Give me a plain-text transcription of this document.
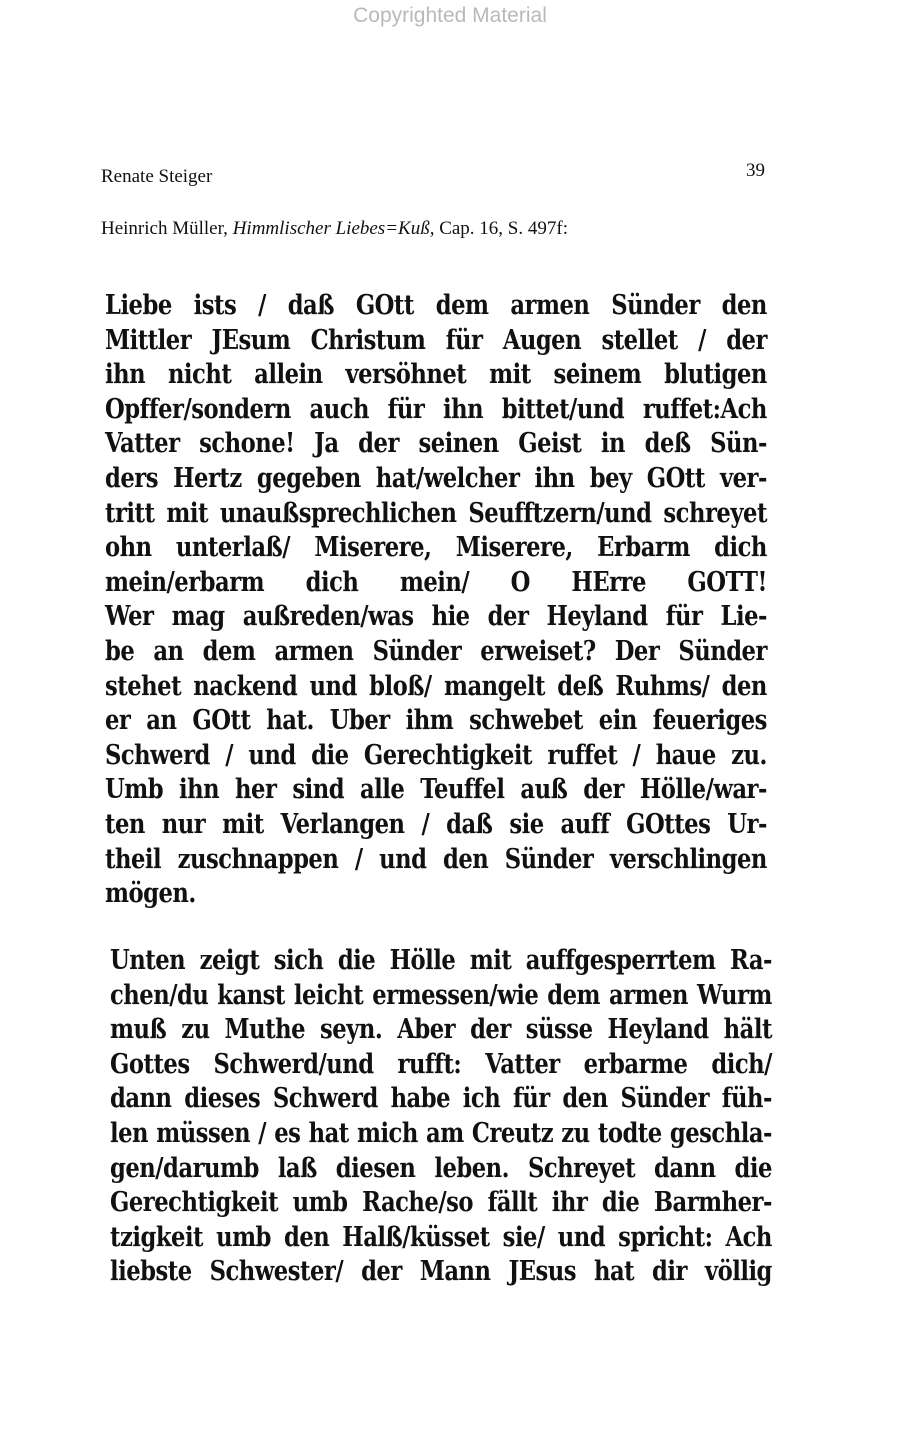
Copyrighted Material
Renate Steiger	39
Heinrich Müller, Himmlischer Liebes=Kuß, Cap. 16, S. 497f:
Liebe ists / daß GOtt dem armen Sünder den
Mittler JEsum Christum für Augen stellet / der
ihn nicht allein versöhnet mit seinem blutigen
Opffer/sondern auch für ihn bittet/und ruffet:Ach
Vatter schone! Ja der seinen Geist in deß Sün-
ders Hertz gegeben hat/welcher ihn bey GOtt ver-
tritt mit unaußsprechlichen Seufftzern/und schreyet
ohn unterlaß/ Miserere, Miserere, Erbarm dich
mein/erbarm dich mein/ O HErre GOTT!
Wer mag außreden/was hie der Heyland für Lie-
be an dem armen Sünder erweiset? Der Sünder
stehet nackend und bloß/ mangelt deß Ruhms/ den
er an GOtt hat. Uber ihm schwebet ein feueriges
Schwerd / und die Gerechtigkeit ruffet / haue zu.
Umb ihn her sind alle Teuffel auß der Hölle/war-
ten nur mit Verlangen / daß sie auff GOttes Ur-
theil zuschnappen / und den Sünder verschlingen
mögen.
Unten zeigt sich die Hölle mit auffgesperrtem Ra-
chen/du kanst leicht ermessen/wie dem armen Wurm
muß zu Muthe seyn. Aber der süsse Heyland hält
Gottes Schwerd/und rufft: Vatter erbarme dich/
dann dieses Schwerd habe ich für den Sünder füh-
len müssen / es hat mich am Creutz zu todte geschla-
gen/darumb laß diesen leben. Schreyet dann die
Gerechtigkeit umb Rache/so fällt ihr die Barmher-
tzigkeit umb den Halß/küsset sie/ und spricht: Ach
liebste Schwester/ der Mann JEsus hat dir völlig
